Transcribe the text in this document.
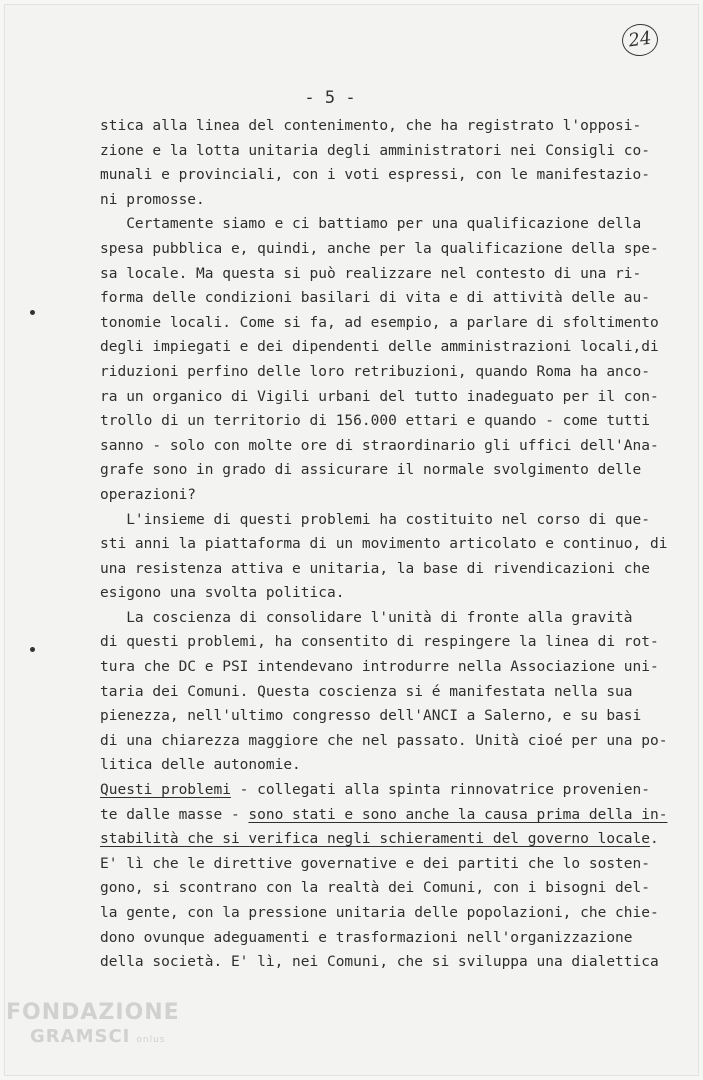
24
- 5 -
stica alla linea del contenimento, che ha registrato l'opposi-
zione e la lotta unitaria degli amministratori nei Consigli co-
munali e provinciali, con i voti espressi, con le manifestazio-
ni promosse.
Certamente siamo e ci battiamo per una qualificazione della
spesa pubblica e, quindi, anche per la qualificazione della spe-
sa locale. Ma questa si può realizzare nel contesto di una ri-
forma delle condizioni basilari di vita e di attività delle au-
tonomie locali. Come si fa, ad esempio, a parlare di sfoltimento
degli impiegati e dei dipendenti delle amministrazioni locali,di
riduzioni perfino delle loro retribuzioni, quando Roma ha anco-
ra un organico di Vigili urbani del tutto inadeguato per il con-
trollo di un territorio di 156.000 ettari e quando - come tutti
sanno - solo con molte ore di straordinario gli uffici dell'Ana-
grafe sono in grado di assicurare il normale svolgimento delle
operazioni?
L'insieme di questi problemi ha costituito nel corso di que-
sti anni la piattaforma di un movimento articolato e continuo, di
una resistenza attiva e unitaria, la base di rivendicazioni che
esigono una svolta politica.
La coscienza di consolidare l'unità di fronte alla gravità
di questi problemi, ha consentito di respingere la linea di rot-
tura che DC e PSI intendevano introdurre nella Associazione uni-
taria dei Comuni. Questa coscienza si é manifestata nella sua
pienezza, nell'ultimo congresso dell'ANCI a Salerno, e su basi
di una chiarezza maggiore che nel passato. Unità cioé per una po-
litica delle autonomie.
Questi problemi - collegati alla spinta rinnovatrice provenien-
te dalle masse - sono stati e sono anche la causa prima della in-
stabilità che si verifica negli schieramenti del governo locale.
E' lì che le direttive governative e dei partiti che lo sosten-
gono, si scontrano con la realtà dei Comuni, con i bisogni del-
la gente, con la pressione unitaria delle popolazioni, che chie-
dono ovunque adeguamenti e trasformazioni nell'organizzazione
della società. E' lì, nei Comuni, che si sviluppa una dialettica
FONDAZIONE
GRAMSCI onlus
